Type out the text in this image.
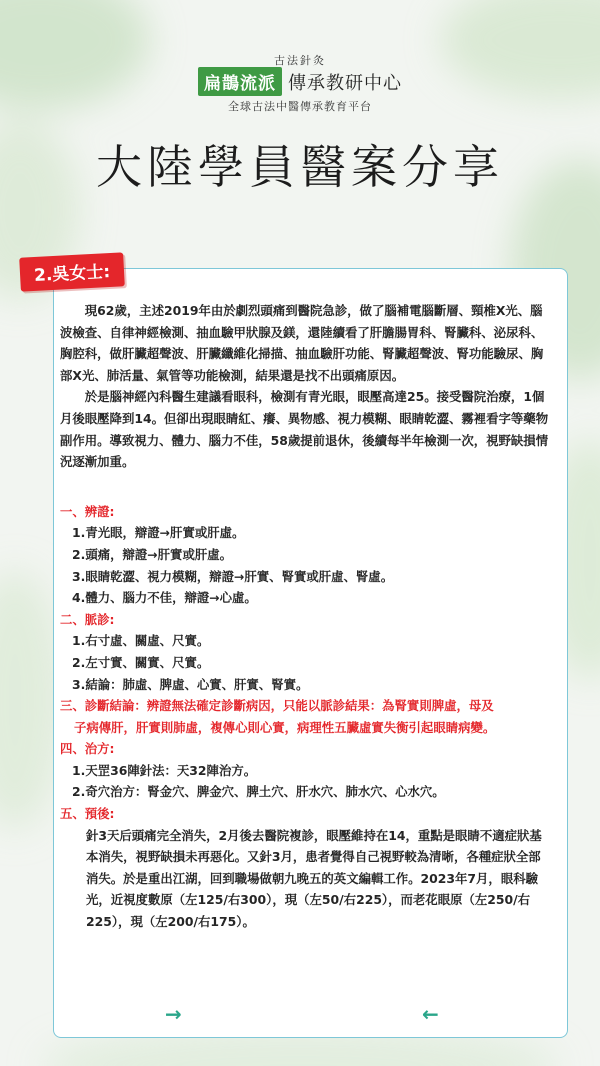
古法針灸
扁鵲流派 傳承教研中心
全球古法中醫傳承教育平台
大陸學員醫案分享
2.吳女士:

現62歲，主述2019年由於劇烈頭痛到醫院急診，做了腦補電腦斷層、頸椎X光、腦波檢查、自律神經檢測、抽血驗甲狀腺及鎂，還陸續看了肝膽腸胃科、腎臟科、泌尿科、胸腔科，做肝臟超聲波、肝臟纖維化掃描、抽血驗肝功能、腎臟超聲波、腎功能驗尿、胸部X光、肺活量、氣管等功能檢測，結果還是找不出頭痛原因。

於是腦神經內科醫生建議看眼科，檢測有青光眼，眼壓高達25。接受醫院治療，1個月後眼壓降到14。但卻出現眼睛紅、癢、異物感、視力模糊、眼睛乾澀、霧裡看字等藥物副作用。導致視力、體力、腦力不佳，58歲提前退休，後續每半年檢測一次，視野缺損情況逐漸加重。

一、辨證:

1.青光眼，辯證→肝實或肝虛。

2.頭痛，辯證→肝實或肝虛。

3.眼睛乾澀、視力模糊，辯證→肝實、腎實或肝虛、腎虛。

4.體力、腦力不佳，辯證→心虛。

二、脈診:

1.右寸虛、關虛、尺實。

2.左寸實、關實、尺實。

3.結論：肺虛、脾虛、心實、肝實、腎實。

三、診斷結論：辨證無法確定診斷病因，只能以脈診結果：為腎實則脾虛，母及

子病傳肝，肝實則肺虛，複傳心則心實，病理性五臟虛實失衡引起眼睛病變。

四、治方:

1.天罡36陣針法：天32陣治方。

2.奇穴治方：腎金穴、脾金穴、脾土穴、肝水穴、肺水穴、心水穴。

五、預後:

針3天后頭痛完全消失，2月後去醫院複診，眼壓維持在14，重點是眼睛不適症狀基本消失，視野缺損未再惡化。又針3月，患者覺得自己視野較為清晰，各種症狀全部消失。於是重出江湖，回到職場做朝九晚五的英文編輯工作。2023年7月，眼科驗光，近視度數原（左125/右300），現（左50/右225），而老花眼原（左250/右225），現（左200/右175）。

→	←
